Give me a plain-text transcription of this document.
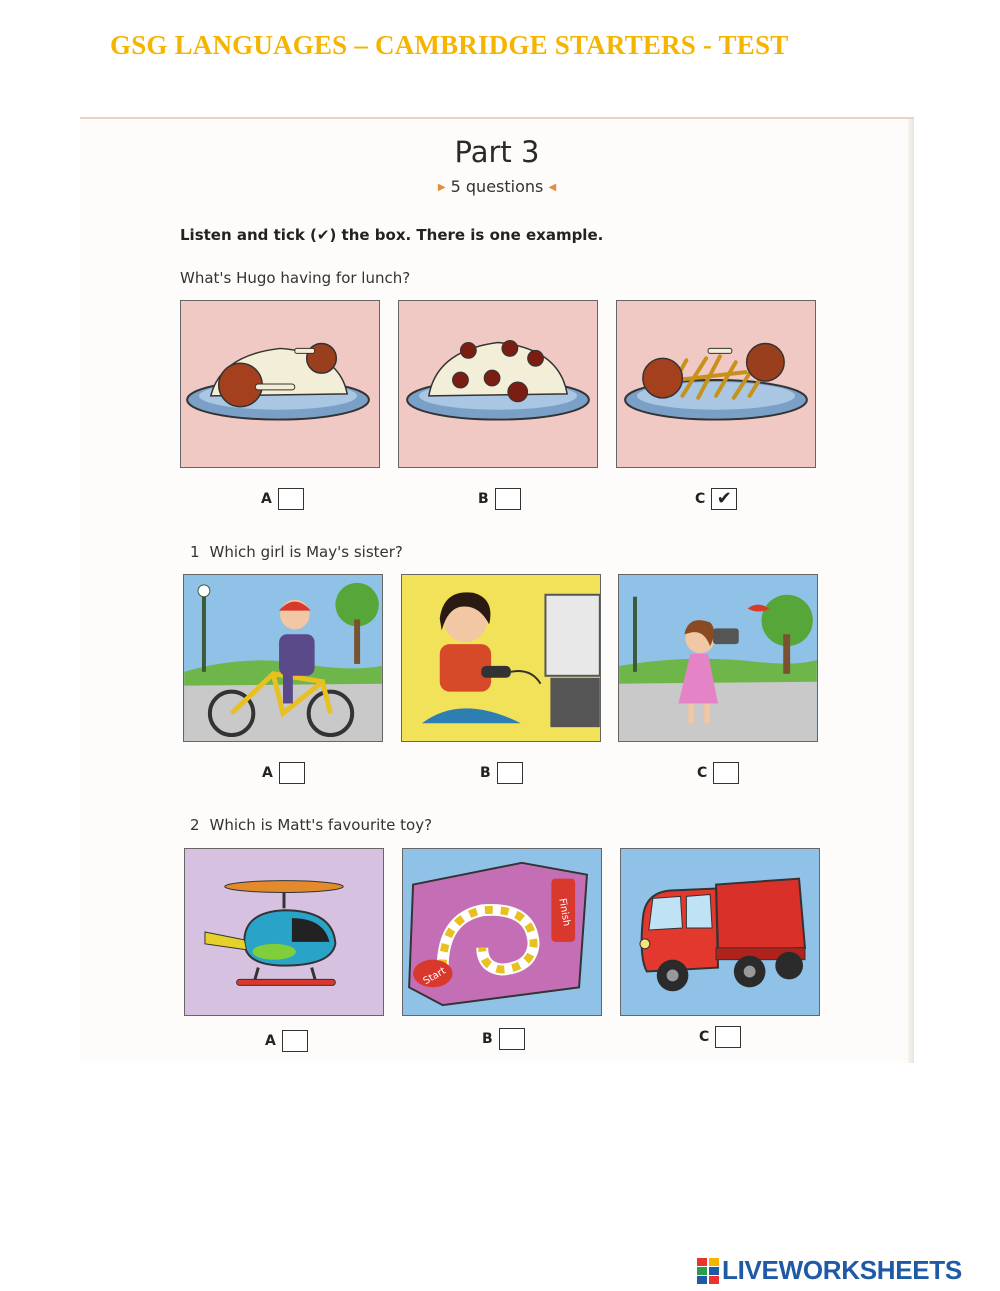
GSG LANGUAGES – CAMBRIDGE STARTERS - TEST
Part 3
▶ 5 questions ◀
Listen and tick (✔) the box. There is one example.
What's Hugo having for lunch?
A	B	C ✔
1 Which girl is May's sister?
A	B	C
2 Which is Matt's favourite toy?
Start
Finish
A	B	C
LIVEWORKSHEETS
